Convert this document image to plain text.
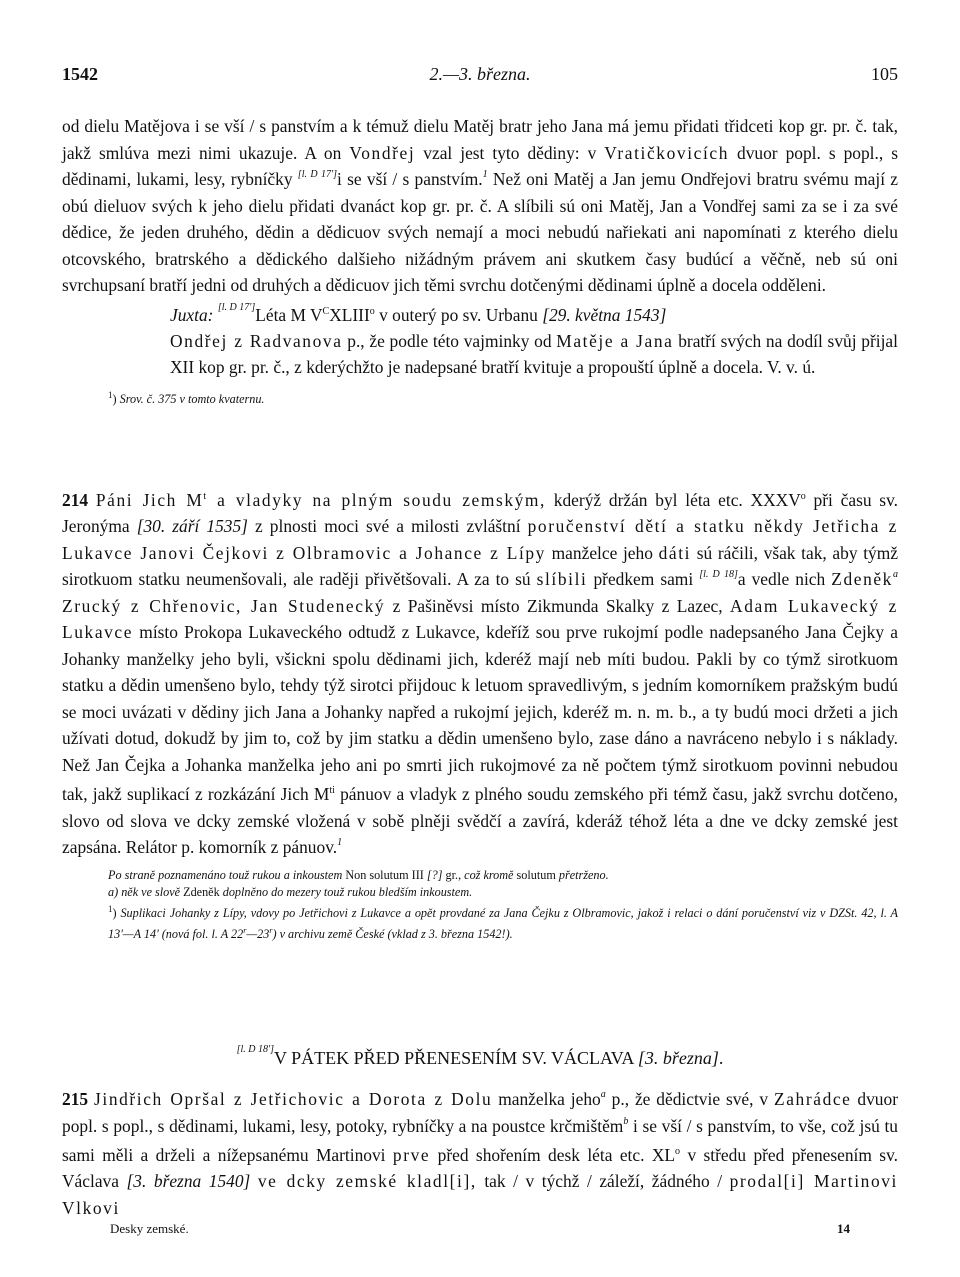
2.—3. března.
1542	105

od dielu Matějova i se vší / s panstvím a k témuž dielu Matěj bratr jeho Jana má jemu přidati třidceti kop gr. pr. č. tak, jakž smlúva mezi nimi ukazuje. A on Vondřej vzal jest tyto dědiny: v Vratičkovicích dvuor popl. s popl., s dědinami, lukami, lesy, rybníčky [l. D 17']i se vší / s panstvím.$^1$ Než oni Matěj a Jan jemu Ondřejovi bratru svému mají z obú dieluov svých k jeho dielu přidati dvanáct kop gr. pr. č. A slíbili sú oni Matěj, Jan a Vondřej sami za se i za své dědice, že jeden druhého, dědin a dědicuov svých nemají a moci nebudú nařiekati ani napomínati z kterého dielu otcovského, bratrského a dědického dalšieho nižádným právem ani skutkem časy budúcí a věčně, neb sú oni svrchupsaní bratří jedni od druhých a dědicuov jich těmi svrchu dotčenými dědinami úplně a docela odděleni.

Juxta: [l. D 17']Léta M $V^CXLIII^o$ v outerý po sv. Urbanu [29. května 1543]

Ondřej z Radvanova p., že podle této vajminky od Matěje a Jana bratří svých na dodíl svůj přijal XII kop gr. pr. č., z kderýchžto je nadepsané bratří kvituje a propouští úplně a docela. V. v. ú.

$^1$) Srov. č. 375 v tomto kvaternu.

214 Páni Jich $M^t$ a vladyky na plným soudu zemským, kderýž držán byl léta etc. XXXV$^o$ při času sv. Jeronýma [30. září 1535] z plnosti moci své a milosti zvláštní poručenství dětí a statku někdy Jetřicha z Lukavce Janovi Čejkovi z Olbramovic a Johance z Lípy manželce jeho dáti sú ráčili, však tak, aby týmž sirotkuom statku neumenšovali, ale raději přivětšovali. A za to sú slíbili předkem sami [l. D 18]a vedle nich Zdeněk$^a$ Zrucký z Chřenovic, Jan Studenecký z Pašiněvsi místo Zikmunda Skalky z Lazec, Adam Lukavecký z Lukavce místo Prokopa Lukaveckého odtudž z Lukavce, kdeříž sou prve rukojmí podle nadepsaného Jana Čejky a Johanky manželky jeho byli, všickni spolu dědinami jich, kderéž mají neb míti budou. Pakli by co týmž sirotkuom statku a dědin umenšeno bylo, tehdy týž sirotci přijdouc k letuom spravedlivým, s jedním komorníkem pražským budú se moci uvázati v dědiny jich Jana a Johanky napřed a rukojmí jejich, kderéž m. n. m. b., a ty budú moci držeti a jich užívati dotud, dokudž by jim to, což by jim statku a dědin umenšeno bylo, zase dáno a navráceno nebylo i s náklady. Než Jan Čejka a Johanka manželka jeho ani po smrti jich rukojmové za ně počtem týmž sirotkuom povinni nebudou tak, jakž suplikací z rozkázání Jich $M^{ti}$ pánuov a vladyk z plného soudu zemského při témž času, jakž svrchu dotčeno, slovo od slova ve dcky zemské vložená v sobě plněji svědčí a zavírá, kderáž téhož léta a dne ve dcky zemské jest zapsána. Relátor p. komorník z pánuov.$^1$

Po straně poznamenáno touž rukou a inkoustem Non solutum III [?] gr., což kromě solutum přetrženo.

a) něk ve slově Zdeněk doplněno do mezery touž rukou bledším inkoustem.

$^1$) Suplikaci Johanky z Lípy, vdovy po Jetřichovi z Lukavce a opět provdané za Jana Čejku z Olbramovic, jakož i relaci o dání poručenství viz v DZSt. 42, l. A 13'—A 14' (nová fol. l. A 22$^r$—23$^r$) v archivu země České (vklad z 3. března 1542!).

[l. D 18']V PÁTEK PŘED PŘENESENÍM SV. VÁCLAVA [3. března].

215 Jindřich Opršal z Jetřichovic a Dorota z Dolu manželka jeho$^a$ p., že dědictvie své, v Zahrádce dvuor popl. s popl., s dědinami, lukami, lesy, potoky, rybníčky a na poustce krčmištěm$^b$ i se vší / s panstvím, to vše, což jsú tu sami měli a drželi a nížepsanému Martinovi prve před shořením desk léta etc. $XL^o$ v středu před přenesením sv. Václava [3. března 1540] ve dcky zemské kladl[i], tak / v týchž / záleží, žádného / prodal[i] Martinovi Vlkovi

Desky zemské.	14
